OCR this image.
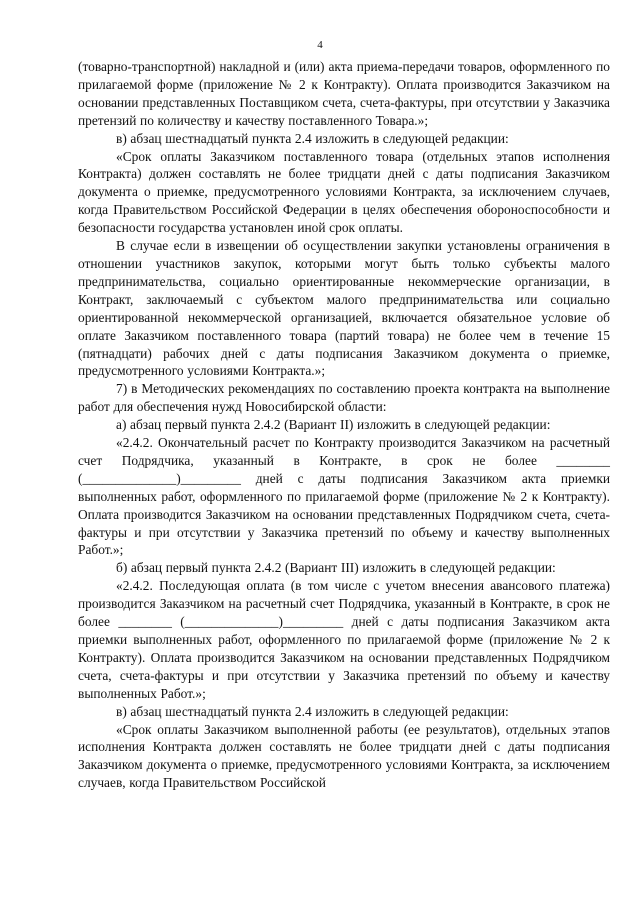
4

(товарно-транспортной) накладной и (или) акта приема-передачи товаров, оформленного по прилагаемой форме (приложение № 2 к Контракту). Оплата производится Заказчиком на основании представленных Поставщиком счета, счета-фактуры, при отсутствии у Заказчика претензий по количеству и качеству поставленного Товара.»;

в) абзац шестнадцатый пункта 2.4 изложить в следующей редакции:

«Срок оплаты Заказчиком поставленного товара (отдельных этапов исполнения Контракта) должен составлять не более тридцати дней с даты подписания Заказчиком документа о приемке, предусмотренного условиями Контракта, за исключением случаев, когда Правительством Российской Федерации в целях обеспечения обороноспособности и безопасности государства установлен иной срок оплаты.

В случае если в извещении об осуществлении закупки установлены ограничения в отношении участников закупок, которыми могут быть только субъекты малого предпринимательства, социально ориентированные некоммерческие организации, в Контракт, заключаемый с субъектом малого предпринимательства или социально ориентированной некоммерческой организацией, включается обязательное условие об оплате Заказчиком поставленного товара (партий товара) не более чем в течение 15 (пятнадцати) рабочих дней с даты подписания Заказчиком документа о приемке, предусмотренного условиями Контракта.»;

7) в Методических рекомендациях по составлению проекта контракта на выполнение работ для обеспечения нужд Новосибирской области:

а) абзац первый пункта 2.4.2 (Вариант II) изложить в следующей редакции:

«2.4.2. Окончательный расчет по Контракту производится Заказчиком на расчетный счет Подрядчика, указанный в Контракте, в срок не более ________ (______________)_________ дней с даты подписания Заказчиком акта приемки выполненных работ, оформленного по прилагаемой форме (приложение № 2 к Контракту). Оплата производится Заказчиком на основании представленных Подрядчиком счета, счета-фактуры и при отсутствии у Заказчика претензий по объему и качеству выполненных Работ.»;

б) абзац первый пункта 2.4.2 (Вариант III) изложить в следующей редакции:

«2.4.2. Последующая оплата (в том числе с учетом внесения авансового платежа) производится Заказчиком на расчетный счет Подрядчика, указанный в Контракте, в срок не более ________ (______________)_________ дней с даты подписания Заказчиком акта приемки выполненных работ, оформленного по прилагаемой форме (приложение № 2 к Контракту). Оплата производится Заказчиком на основании представленных Подрядчиком счета, счета-фактуры и при отсутствии у Заказчика претензий по объему и качеству выполненных Работ.»;

в) абзац шестнадцатый пункта 2.4 изложить в следующей редакции:

«Срок оплаты Заказчиком выполненной работы (ее результатов), отдельных этапов исполнения Контракта должен составлять не более тридцати дней с даты подписания Заказчиком документа о приемке, предусмотренного условиями Контракта, за исключением случаев, когда Правительством Российской
